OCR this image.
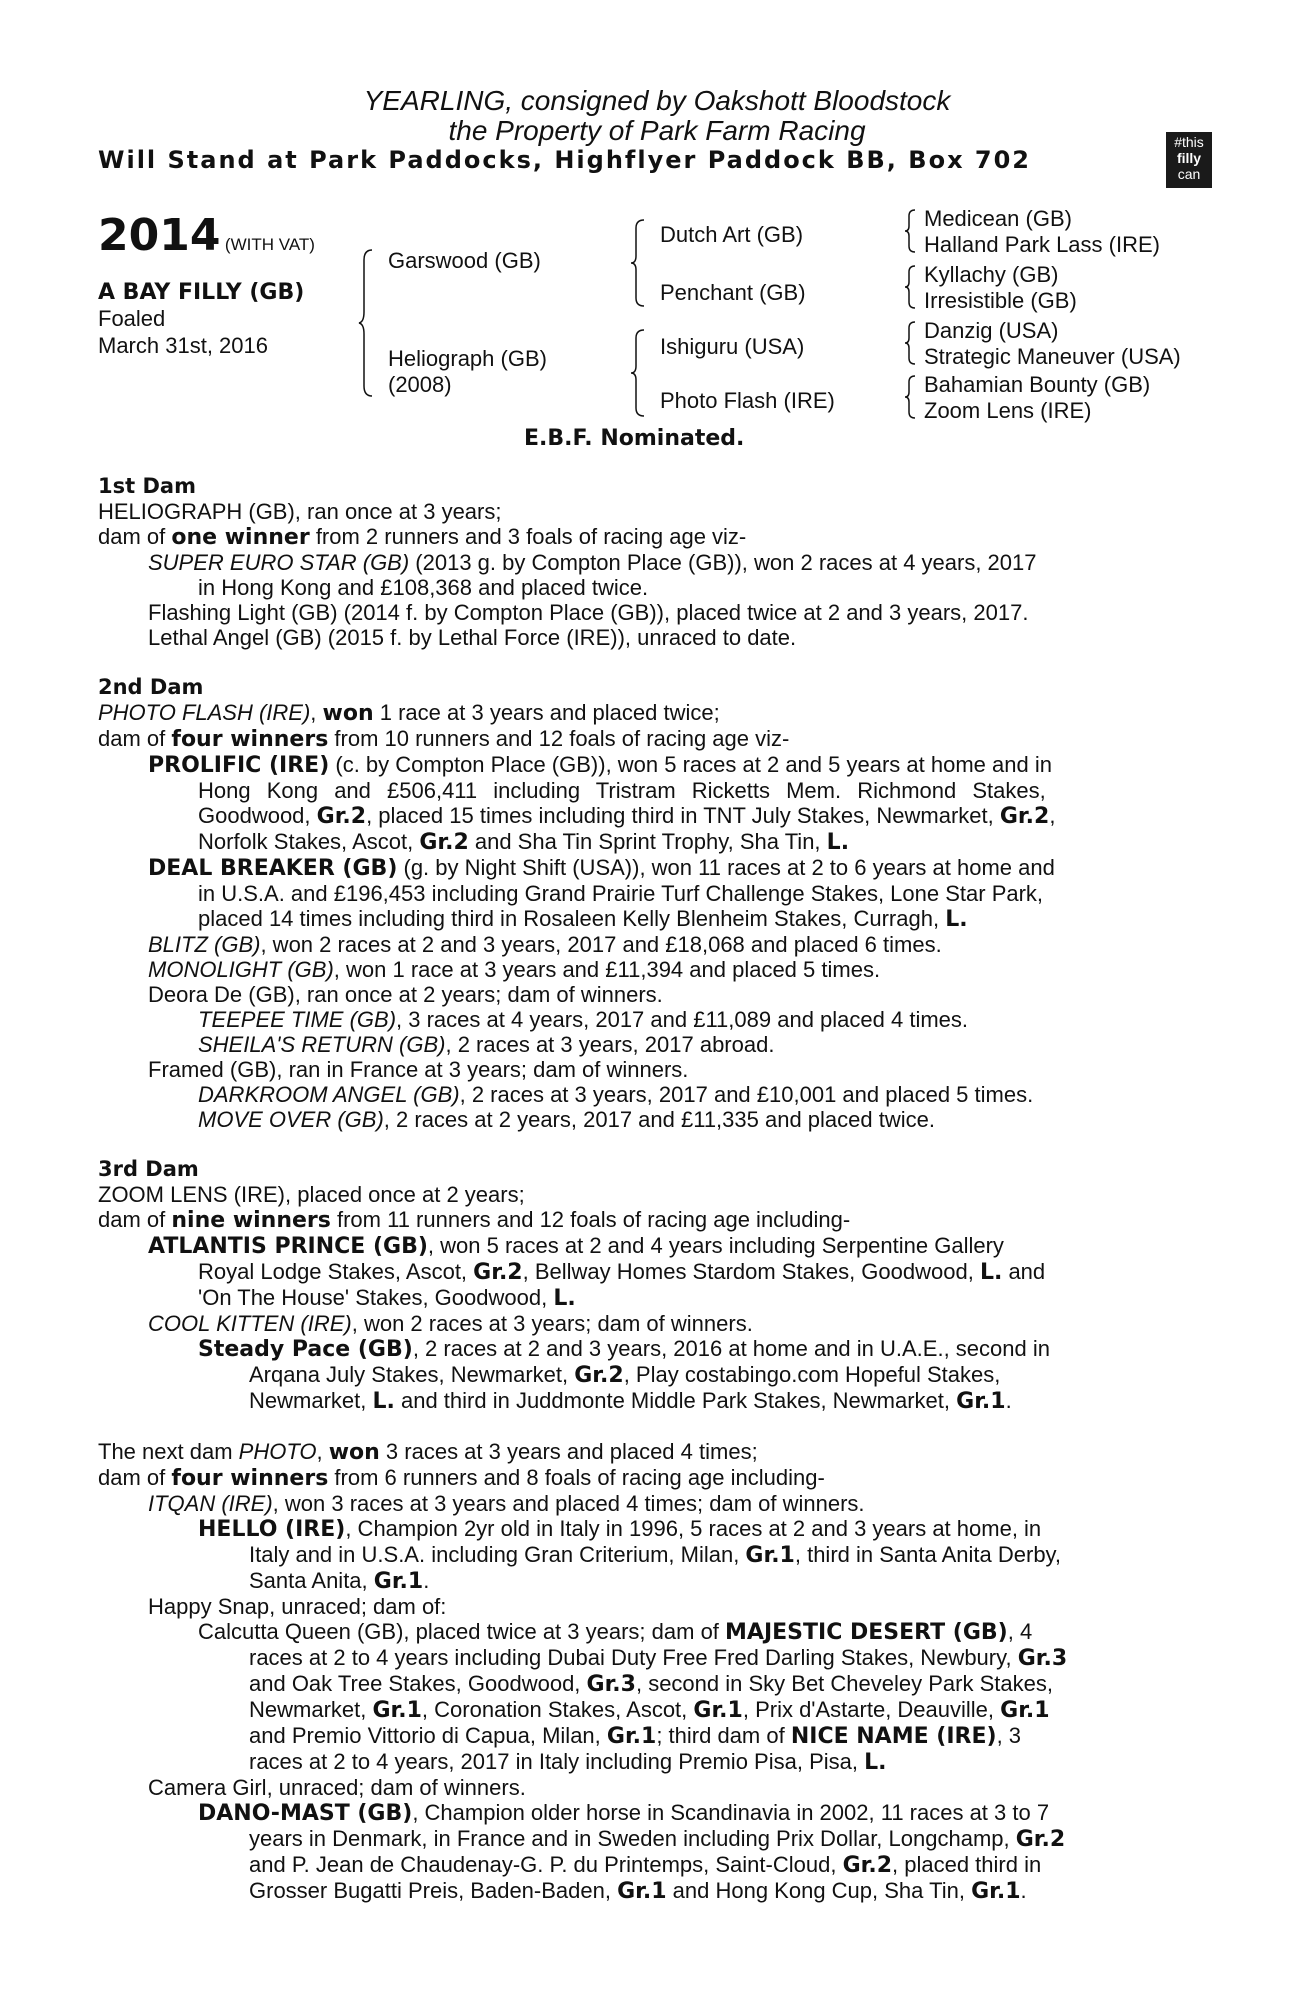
YEARLING, consigned by Oakshott Bloodstock
the Property of Park Farm Racing
Will Stand at Park Paddocks, Highflyer Paddock BB, Box 702
#this
filly
can
2014 (WITH VAT)
A BAY FILLY (GB)
Foaled
March 31st, 2016
Garswood (GB)
Heliograph (GB)
(2008)
Dutch Art (GB)
Penchant (GB)
Ishiguru (USA)
Photo Flash (IRE)
Medicean (GB)
Halland Park Lass (IRE)
Kyllachy (GB)
Irresistible (GB)
Danzig (USA)
Strategic Maneuver (USA)
Bahamian Bounty (GB)
Zoom Lens (IRE)
E.B.F. Nominated.
1st Dam
HELIOGRAPH (GB), ran once at 3 years;
dam of one winner from 2 runners and 3 foals of racing age viz-
SUPER EURO STAR (GB) (2013 g. by Compton Place (GB)), won 2 races at 4 years, 2017
in Hong Kong and £108,368 and placed twice.
Flashing Light (GB) (2014 f. by Compton Place (GB)), placed twice at 2 and 3 years, 2017.
Lethal Angel (GB) (2015 f. by Lethal Force (IRE)), unraced to date.
2nd Dam
PHOTO FLASH (IRE), won 1 race at 3 years and placed twice;
dam of four winners from 10 runners and 12 foals of racing age viz-
PROLIFIC (IRE) (c. by Compton Place (GB)), won 5 races at 2 and 5 years at home and in
Hong Kong and £506,411 including Tristram Ricketts Mem. Richmond Stakes,
Goodwood, Gr.2, placed 15 times including third in TNT July Stakes, Newmarket, Gr.2,
Norfolk Stakes, Ascot, Gr.2 and Sha Tin Sprint Trophy, Sha Tin, L.
DEAL BREAKER (GB) (g. by Night Shift (USA)), won 11 races at 2 to 6 years at home and
in U.S.A. and £196,453 including Grand Prairie Turf Challenge Stakes, Lone Star Park,
placed 14 times including third in Rosaleen Kelly Blenheim Stakes, Curragh, L.
BLITZ (GB), won 2 races at 2 and 3 years, 2017 and £18,068 and placed 6 times.
MONOLIGHT (GB), won 1 race at 3 years and £11,394 and placed 5 times.
Deora De (GB), ran once at 2 years; dam of winners.
TEEPEE TIME (GB), 3 races at 4 years, 2017 and £11,089 and placed 4 times.
SHEILA'S RETURN (GB), 2 races at 3 years, 2017 abroad.
Framed (GB), ran in France at 3 years; dam of winners.
DARKROOM ANGEL (GB), 2 races at 3 years, 2017 and £10,001 and placed 5 times.
MOVE OVER (GB), 2 races at 2 years, 2017 and £11,335 and placed twice.
3rd Dam
ZOOM LENS (IRE), placed once at 2 years;
dam of nine winners from 11 runners and 12 foals of racing age including-
ATLANTIS PRINCE (GB), won 5 races at 2 and 4 years including Serpentine Gallery
Royal Lodge Stakes, Ascot, Gr.2, Bellway Homes Stardom Stakes, Goodwood, L. and
'On The House' Stakes, Goodwood, L.
COOL KITTEN (IRE), won 2 races at 3 years; dam of winners.
Steady Pace (GB), 2 races at 2 and 3 years, 2016 at home and in U.A.E., second in
Arqana July Stakes, Newmarket, Gr.2, Play costabingo.com Hopeful Stakes,
Newmarket, L. and third in Juddmonte Middle Park Stakes, Newmarket, Gr.1.
The next dam PHOTO, won 3 races at 3 years and placed 4 times;
dam of four winners from 6 runners and 8 foals of racing age including-
ITQAN (IRE), won 3 races at 3 years and placed 4 times; dam of winners.
HELLO (IRE), Champion 2yr old in Italy in 1996, 5 races at 2 and 3 years at home, in
Italy and in U.S.A. including Gran Criterium, Milan, Gr.1, third in Santa Anita Derby,
Santa Anita, Gr.1.
Happy Snap, unraced; dam of:
Calcutta Queen (GB), placed twice at 3 years; dam of MAJESTIC DESERT (GB), 4
races at 2 to 4 years including Dubai Duty Free Fred Darling Stakes, Newbury, Gr.3
and Oak Tree Stakes, Goodwood, Gr.3, second in Sky Bet Cheveley Park Stakes,
Newmarket, Gr.1, Coronation Stakes, Ascot, Gr.1, Prix d'Astarte, Deauville, Gr.1
and Premio Vittorio di Capua, Milan, Gr.1; third dam of NICE NAME (IRE), 3
races at 2 to 4 years, 2017 in Italy including Premio Pisa, Pisa, L.
Camera Girl, unraced; dam of winners.
DANO-MAST (GB), Champion older horse in Scandinavia in 2002, 11 races at 3 to 7
years in Denmark, in France and in Sweden including Prix Dollar, Longchamp, Gr.2
and P. Jean de Chaudenay-G. P. du Printemps, Saint-Cloud, Gr.2, placed third in
Grosser Bugatti Preis, Baden-Baden, Gr.1 and Hong Kong Cup, Sha Tin, Gr.1.
